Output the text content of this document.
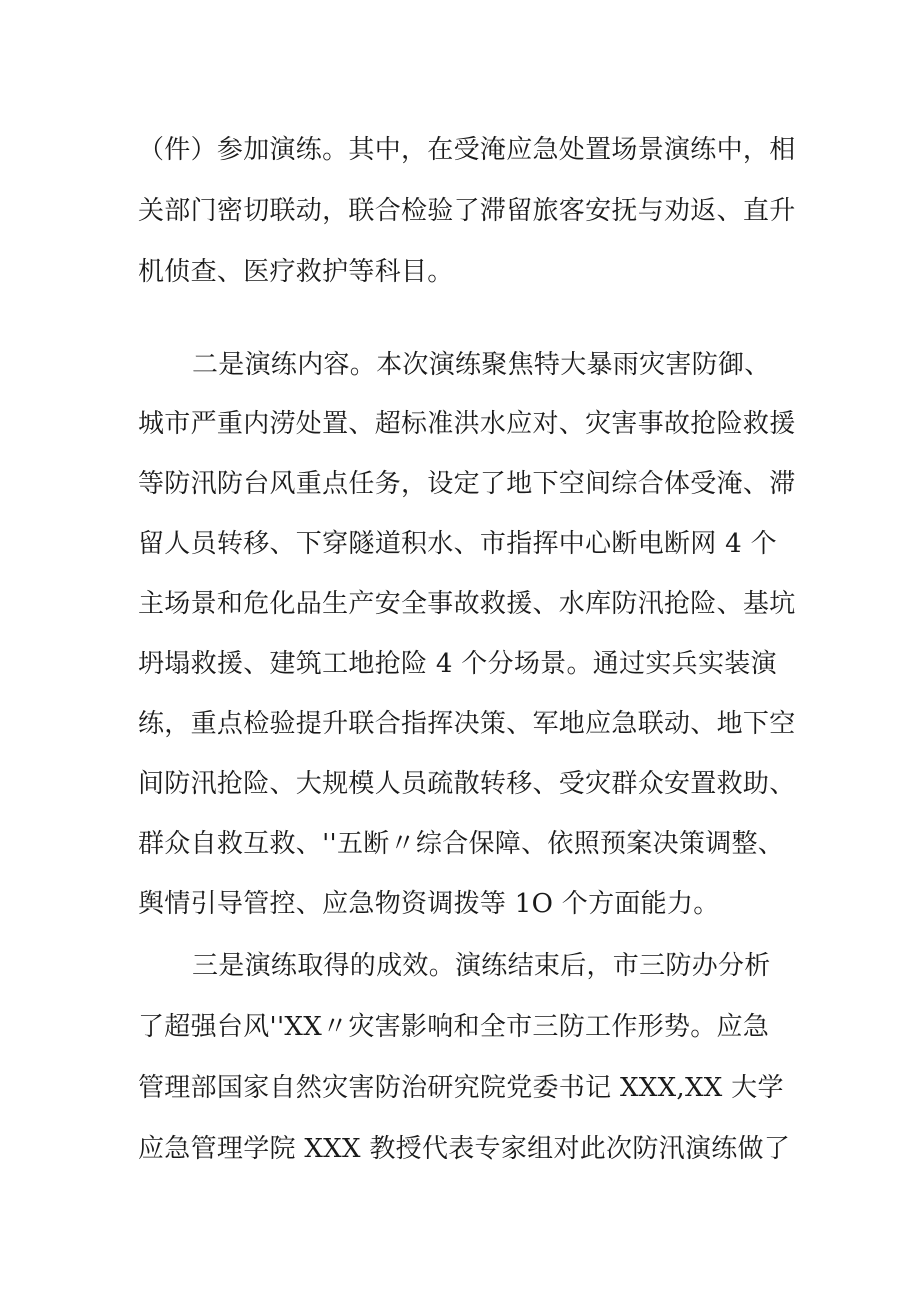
（件）参加演练。其中，在受淹应急处置场景演练中，相

关部门密切联动，联合检验了滞留旅客安抚与劝返、直升

机侦查、医疗救护等科目。

二是演练内容。本次演练聚焦特大暴雨灾害防御、

城市严重内涝处置、超标准洪水应对、灾害事故抢险救援

等防汛防台风重点任务，设定了地下空间综合体受淹、滞

留人员转移、下穿隧道积水、市指挥中心断电断网 4 个

主场景和危化品生产安全事故救援、水库防汛抢险、基坑

坍塌救援、建筑工地抢险 4 个分场景。通过实兵实装演

练，重点检验提升联合指挥决策、军地应急联动、地下空

间防汛抢险、大规模人员疏散转移、受灾群众安置救助、

群众自救互救、''五断〃综合保障、依照预案决策调整、

舆情引导管控、应急物资调拨等 1O 个方面能力。

三是演练取得的成效。演练结束后，市三防办分析

了超强台风''XX〃灾害影响和全市三防工作形势。应急

管理部国家自然灾害防治研究院党委书记 XXX,XX 大学

应急管理学院 XXX 教授代表专家组对此次防汛演练做了
